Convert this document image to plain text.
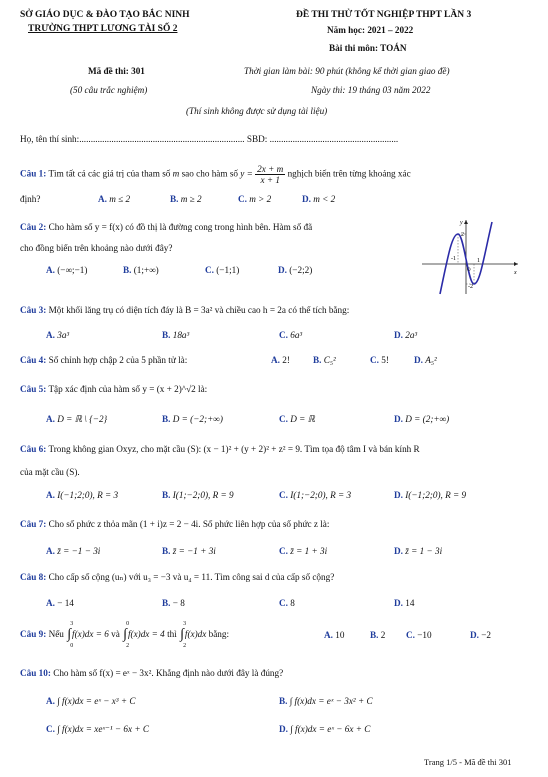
SỞ GIÁO DỤC & ĐÀO TẠO BẮC NINH
TRƯỜNG THPT LƯƠNG TÀI SỐ 2
ĐỀ THI THỬ TỐT NGHIỆP THPT LẦN 3
Năm học: 2021 – 2022
Bài thi môn: TOÁN
Mã đề thi: 301
(50 câu trắc nghiệm)
Thời gian làm bài: 90 phút (không kể thời gian giao đề)
Ngày thi: 19 tháng 03 năm 2022
(Thí sinh không được sử dụng tài liệu)
Họ, tên thí sinh:........................................................................ SBD: ........................................................
Câu 1: Tìm tất cả các giá trị của tham số m sao cho hàm số $y = \frac{2x + m}{x + 1}$ nghịch biến trên từng khoảng xác
định?	A. m ≤ 2	B. m ≥ 2	C. m > 2	D. m < 2
Câu 2: Cho hàm số y = f(x) có đồ thị là đường cong trong hình bên. Hàm số đã
cho đồng biến trên khoảng nào dưới đây?
A. (−∞;−1)	B. (1;+∞)	C. (−1;1)	D. (−2;2)
y
x
2
-1	1
O
-2
Câu 3: Một khối lăng trụ có diện tích đáy là B = 3a² và chiều cao h = 2a có thể tích bằng:
A. 3a³	B. 18a³	C. 6a³	D. 2a³
Câu 4: Số chỉnh hợp chập 2 của 5 phần tử là:	A. 2!	B. C₅²	C. 5!	D. A₅²
Câu 5: Tập xác định của hàm số y = (x + 2)^√2 là:
A. D = ℝ \ {−2}	B. D = (−2;+∞)	C. D = ℝ	D. D = (2;+∞)
Câu 6: Trong không gian Oxyz, cho mặt cầu (S): (x − 1)² + (y + 2)² + z² = 9. Tìm tọa độ tâm I và bán kính R
của mặt cầu (S).
A. I(−1;2;0), R = 3	B. I(1;−2;0), R = 9	C. I(1;−2;0), R = 3	D. I(−1;2;0), R = 9
Câu 7: Cho số phức z thỏa mãn (1 + i)z = 2 − 4i. Số phức liên hợp của số phức z là:
A. z̄ = −1 − 3i	B. z̄ = −1 + 3i	C. z̄ = 1 + 3i	D. z̄ = 1 − 3i
Câu 8: Cho cấp số cộng (uₙ) với u₃ = −3 và u₄ = 11. Tìm công sai d của cấp số cộng?
A. − 14	B. − 8	C. 8	D. 14
Câu 9: Nếu ∫
3
0
f(x)dx = 6 và ∫
0
2
f(x)dx = 4 thì ∫
3
2
f(x)dx bằng:	A. 10	B. 2 C. −10	D. −2
Câu 10: Cho hàm số f(x) = eˣ − 3x². Khẳng định nào dưới đây là đúng?
A. ∫ f(x)dx = eˣ − x³ + C	B. ∫ f(x)dx = eˣ − 3x² + C
C. ∫ f(x)dx = xeˣ⁻¹ − 6x + C	D. ∫ f(x)dx = eˣ − 6x + C
Trang 1/5 - Mã đề thi 301
